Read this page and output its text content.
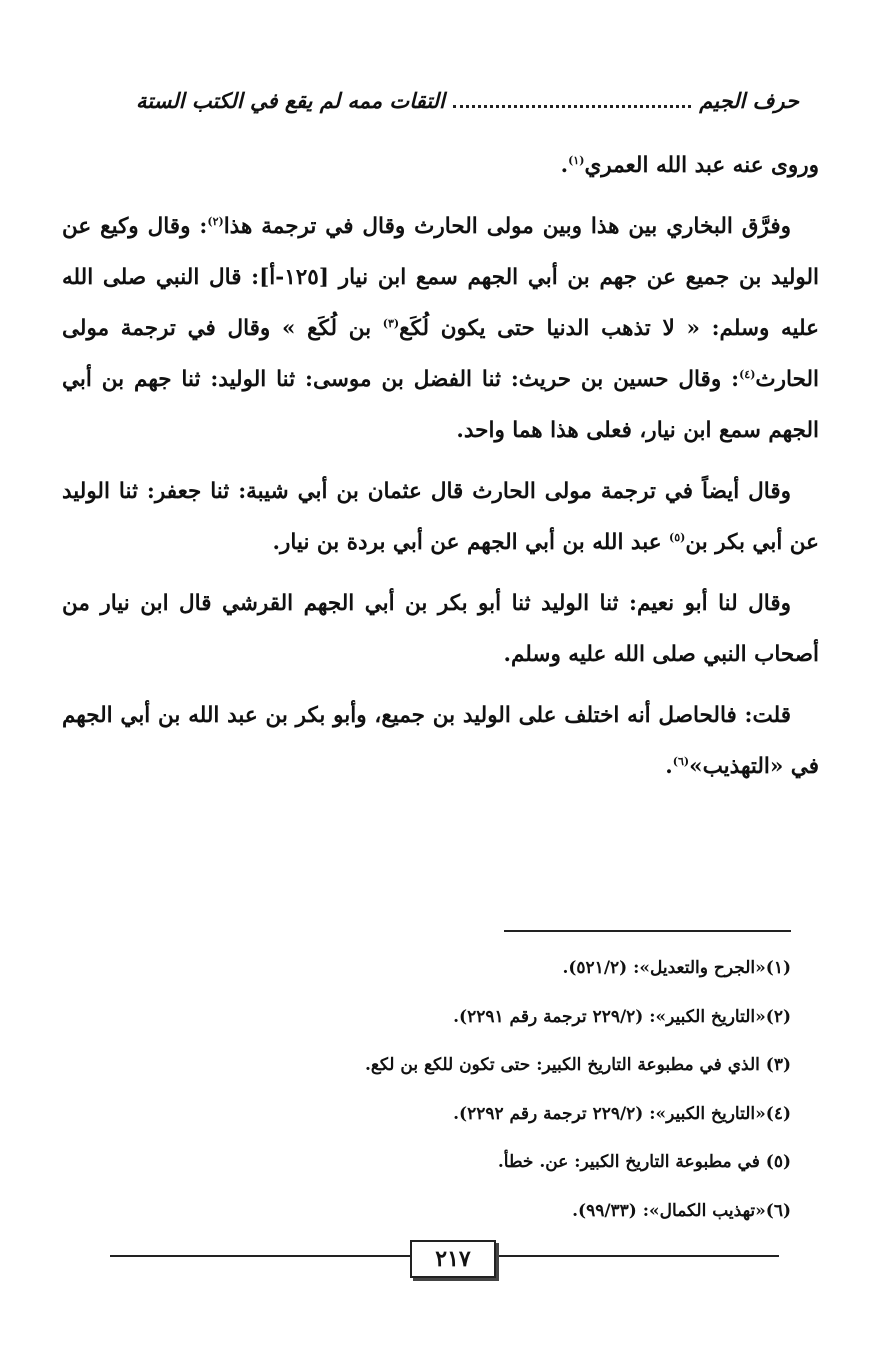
حرف الجيم
التقات ممه لم يقع في الكتب الستة

وروى عنه عبد الله العمري$^{(١)}$.

وفرَّق البخاري بين هذا وبين مولى الحارث وقال في ترجمة هذا$^{(٢)}$: وقال وكيع عن الوليد بن جميع عن جهم بن أبي الجهم سمع ابن نيار [١٢٥-أ]: قال النبي صلى الله عليه وسلم: « لا تذهب الدنيا حتى يكون لُكَع$^{(٣)}$ بن لُكَع » وقال في ترجمة مولى الحارث$^{(٤)}$: وقال حسين بن حريث: ثنا الفضل بن موسى: ثنا الوليد: ثنا جهم بن أبي الجهم سمع ابن نيار، فعلى هذا هما واحد.

وقال أيضاً في ترجمة مولى الحارث قال عثمان بن أبي شيبة: ثنا جعفر: ثنا الوليد عن أبي بكر بن$^{(٥)}$ عبد الله بن أبي الجهم عن أبي بردة بن نيار.

وقال لنا أبو نعيم: ثنا الوليد ثنا أبو بكر بن أبي الجهم القرشي قال ابن نيار من أصحاب النبي صلى الله عليه وسلم.

قلت: فالحاصل أنه اختلف على الوليد بن جميع، وأبو بكر بن عبد الله بن أبي الجهم في «التهذيب»$^{(٦)}$.

(١)«الجرح والتعديل»: (٥٢١/٢).
(٢)«التاريخ الكبير»: (٢٢٩/٢ ترجمة رقم ٢٢٩١).
(٣) الذي في مطبوعة التاريخ الكبير: حتى تكون للكع بن لكع.
(٤)«التاريخ الكبير»: (٢٢٩/٢ ترجمة رقم ٢٢٩٢).
(٥) في مطبوعة التاريخ الكبير: عن. خطأ.
(٦)«تهذيب الكمال»: (٩٩/٣٣).
٢١٧
